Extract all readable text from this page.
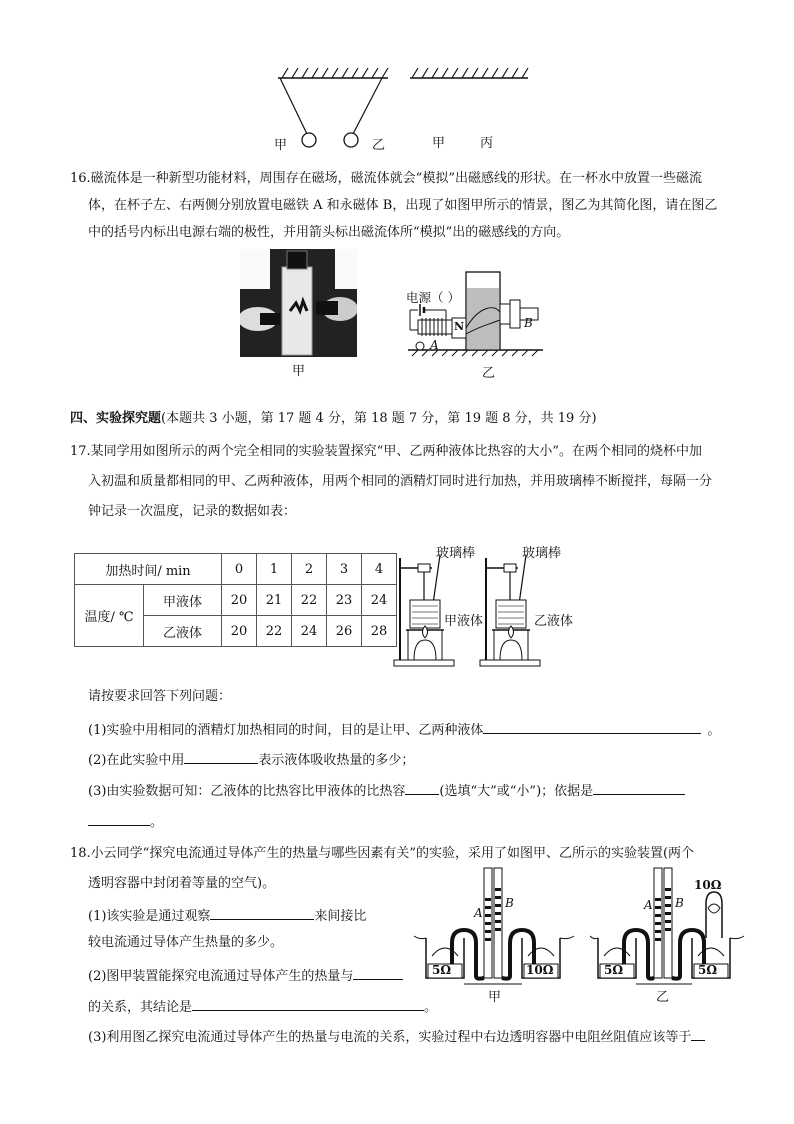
甲	乙	甲	丙
16.磁流体是一种新型功能材料，周围存在磁场，磁流体就会“模拟”出磁感线的形状。在一杯水中放置一些磁流
体，在杯子左、右两侧分别放置电磁铁 A 和永磁体 B，出现了如图甲所示的情景，图乙为其简化图，请在图乙
中的括号内标出电源右端的极性，并用箭头标出磁流体所“模拟”出的磁感线的方向。
甲
电源（ ）
A
B
N
乙
四、实验探究题(本题共 3 小题，第 17 题 4 分，第 18 题 7 分，第 19 题 8 分，共 19 分)
17.某同学用如图所示的两个完全相同的实验装置探究“甲、乙两种液体比热容的大小”。在两个相同的烧杯中加
入初温和质量都相同的甲、乙两种液体，用两个相同的酒精灯同时进行加热，并用玻璃棒不断搅拌，每隔一分
钟记录一次温度，记录的数据如表：
加热时间/ min		0	1	2	3	4
温度/ ℃	甲液体	20	21	22	23	24
	乙液体	20	22	24	26	28
玻璃棒	玻璃棒
甲液体	乙液体
请按要求回答下列问题：
(1)实验中用相同的酒精灯加热相同的时间，目的是让甲、乙两种液体	。
(2)在此实验中用	表示液体吸收热量的多少；
(3)由实验数据可知：乙液体的比热容比甲液体的比热容	(选填“大”或“小”)；依据是
。
18.小云同学“探究电流通过导体产生的热量与哪些因素有关”的实验，采用了如图甲、乙所示的实验装置(两个
透明容器中封闭着等量的空气)。
(1)该实验是通过观察	来间接比
较电流通过导体产生热量的多少。
(2)图甲装置能探究电流通过导体产生的热量与
的关系，其结论是	。
(3)利用图乙探究电流通过导体产生的热量与电流的关系，实验过程中右边透明容器中电阻丝阻值应该等于
A
B
5Ω	10Ω
甲
A B
10Ω
5Ω	5Ω
乙
